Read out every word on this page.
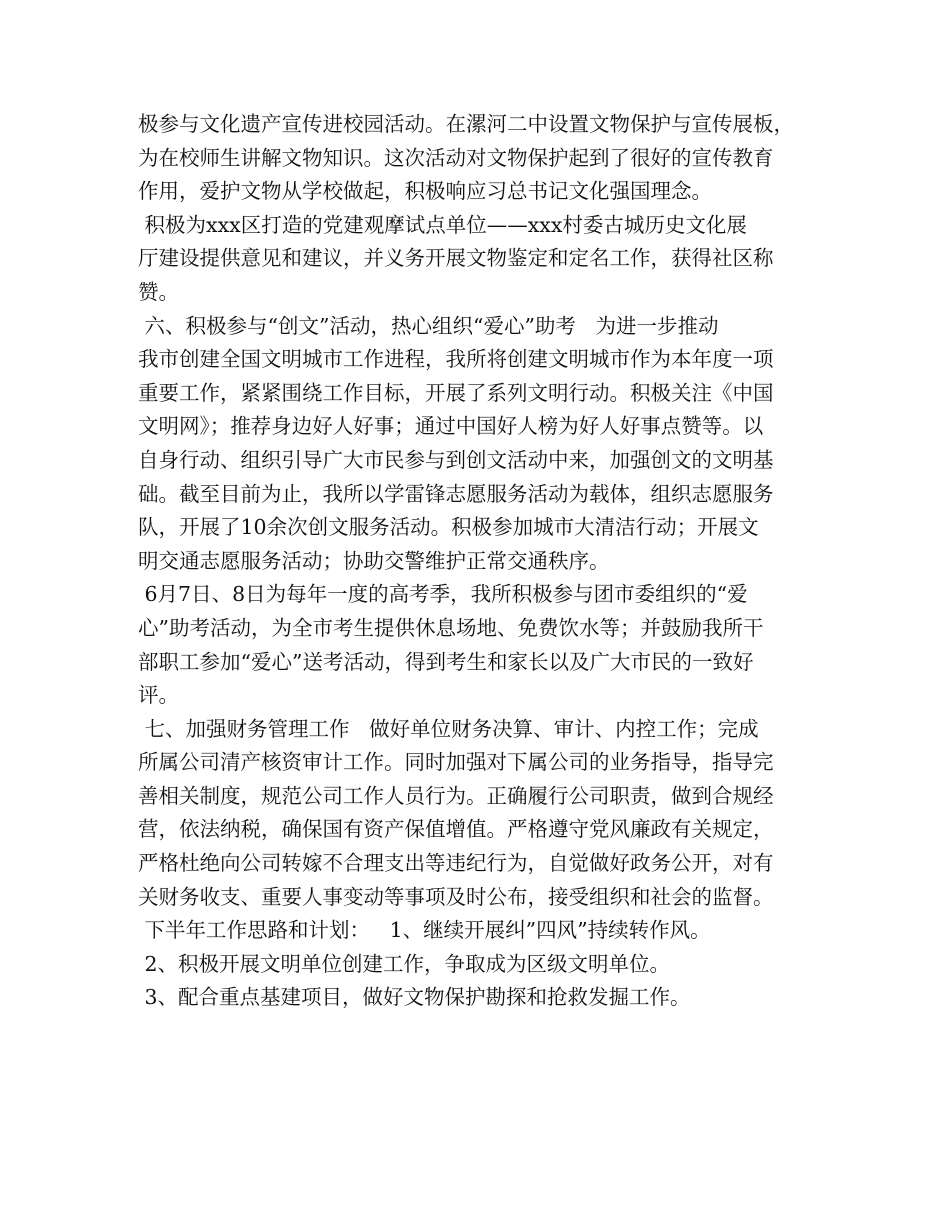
极参与文化遗产宣传进校园活动。在漯河二中设置文物保护与宣传展板，
为在校师生讲解文物知识。这次活动对文物保护起到了很好的宣传教育
作用，爱护文物从学校做起，积极响应习总书记文化强国理念。
积极为xxx区打造的党建观摩试点单位——xxx村委古城历史文化展
厅建设提供意见和建议，并义务开展文物鉴定和定名工作，获得社区称
赞。
六、积极参与“创文”活动，热心组织“爱心”助考   为进一步推动
我市创建全国文明城市工作进程，我所将创建文明城市作为本年度一项
重要工作，紧紧围绕工作目标，开展了系列文明行动。积极关注《中国
文明网》；推荐身边好人好事；通过中国好人榜为好人好事点赞等。以
自身行动、组织引导广大市民参与到创文活动中来，加强创文的文明基
础。截至目前为止，我所以学雷锋志愿服务活动为载体，组织志愿服务
队，开展了10余次创文服务活动。积极参加城市大清洁行动；开展文
明交通志愿服务活动；协助交警维护正常交通秩序。
6月7日、8日为每年一度的高考季，我所积极参与团市委组织的“爱
心”助考活动，为全市考生提供休息场地、免费饮水等；并鼓励我所干
部职工参加“爱心”送考活动，得到考生和家长以及广大市民的一致好
评。
七、加强财务管理工作   做好单位财务决算、审计、内控工作；完成
所属公司清产核资审计工作。同时加强对下属公司的业务指导，指导完
善相关制度，规范公司工作人员行为。正确履行公司职责，做到合规经
营，依法纳税，确保国有资产保值增值。严格遵守党风廉政有关规定，
严格杜绝向公司转嫁不合理支出等违纪行为，自觉做好政务公开，对有
关财务收支、重要人事变动等事项及时公布，接受组织和社会的监督。
下半年工作思路和计划：   1、继续开展纠”四风”持续转作风。
2、积极开展文明单位创建工作，争取成为区级文明单位。
3、配合重点基建项目，做好文物保护勘探和抢救发掘工作。
